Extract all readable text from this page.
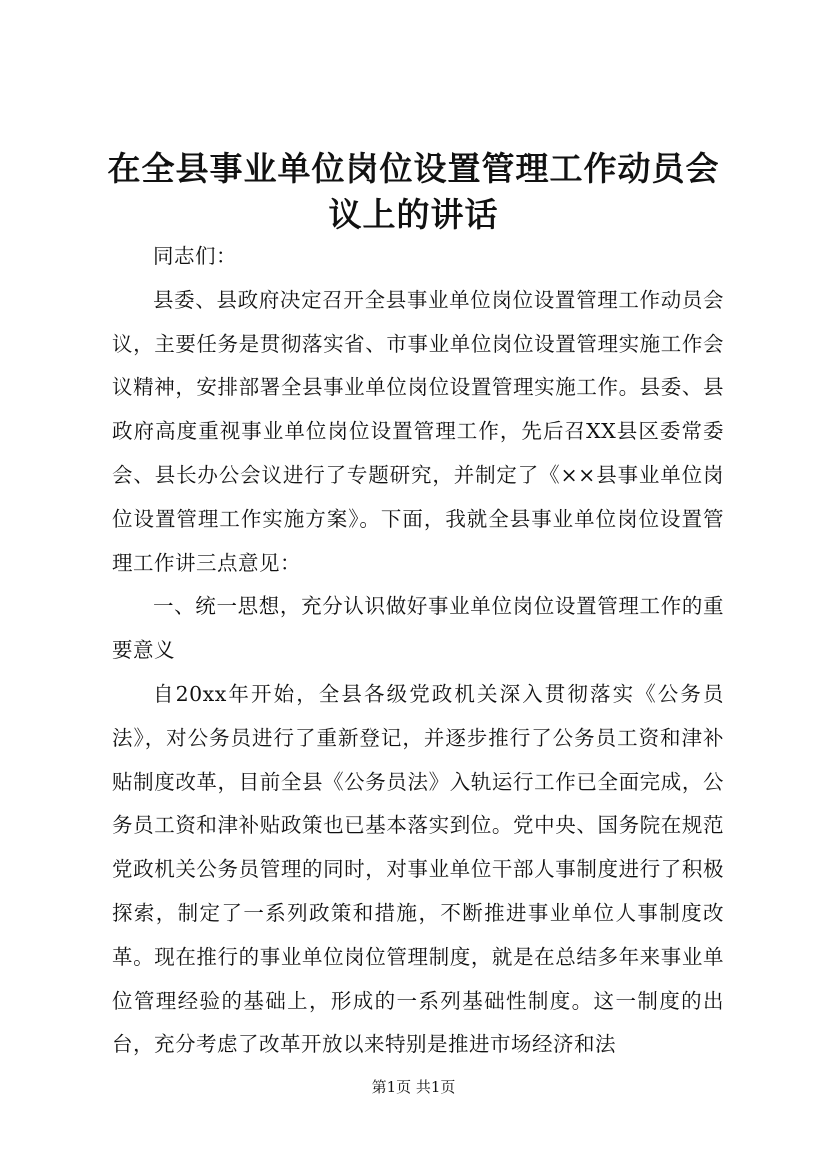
在全县事业单位岗位设置管理工作动员会议上的讲话

同志们：

县委、县政府决定召开全县事业单位岗位设置管理工作动员会议，主要任务是贯彻落实省、市事业单位岗位设置管理实施工作会议精神，安排部署全县事业单位岗位设置管理实施工作。县委、县政府高度重视事业单位岗位设置管理工作，先后召XX县区委常委会、县长办公会议进行了专题研究，并制定了《××县事业单位岗位设置管理工作实施方案》。下面，我就全县事业单位岗位设置管理工作讲三点意见：

一、统一思想，充分认识做好事业单位岗位设置管理工作的重要意义

自20xx年开始，全县各级党政机关深入贯彻落实《公务员法》，对公务员进行了重新登记，并逐步推行了公务员工资和津补贴制度改革，目前全县《公务员法》入轨运行工作已全面完成，公务员工资和津补贴政策也已基本落实到位。党中央、国务院在规范党政机关公务员管理的同时，对事业单位干部人事制度进行了积极探索，制定了一系列政策和措施，不断推进事业单位人事制度改革。现在推行的事业单位岗位管理制度，就是在总结多年来事业单位管理经验的基础上，形成的一系列基础性制度。这一制度的出台，充分考虑了改革开放以来特别是推进市场经济和法

第1页 共1页
